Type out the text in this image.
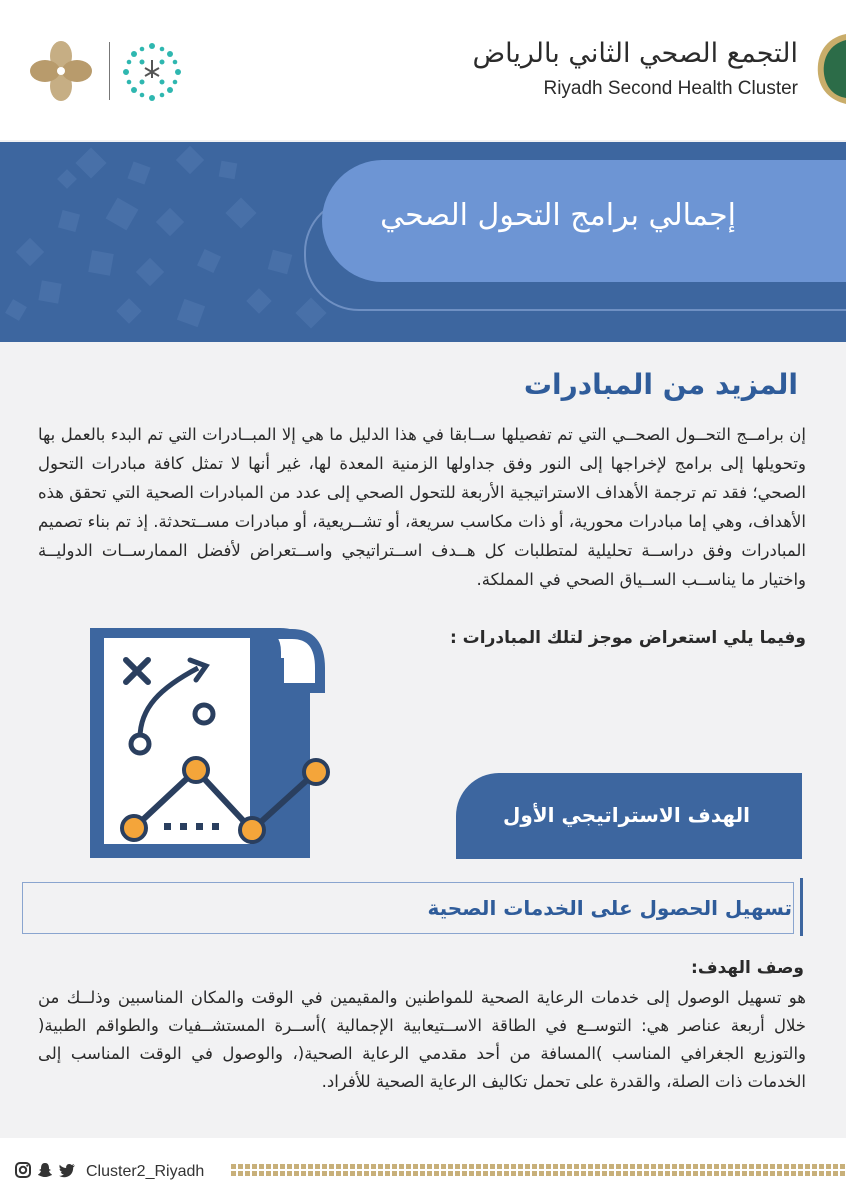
التجمع الصحي الثاني بالرياض
Riyadh Second Health Cluster
إجمالي برامج التحول الصحي
المزيد من المبادرات
إن برامــج التحــول الصحــي التي تم تفصيلها ســابقا في هذا الدليل ما هي إلا المبــادرات التي تم البدء بالعمل بها وتحويلها إلى برامج لإخراجها إلى النور وفق جداولها الزمنية المعدة لها، غير أنها لا تمثل كافة مبادرات التحول الصحي؛ فقد تم ترجمة الأهداف الاستراتيجية الأربعة للتحول الصحي إلى عدد من المبادرات الصحية التي تحقق هذه الأهداف، وهي إما مبادرات محورية، أو ذات مكاسب سريعة، أو تشــريعية، أو مبادرات مســتحدثة. إذ تم بناء تصميم المبادرات وفق دراســة تحليلية لمتطلبات كل هــدف اســتراتيجي واســتعراض لأفضل الممارســات الدوليــة واختيار ما يناســب الســياق الصحي في المملكة.
وفيما يلي استعراض موجز لتلك المبادرات :
الهدف الاستراتيجي الأول
تسهيل الحصول على الخدمات الصحية
وصف الهدف:
هو تسهيل الوصول إلى خدمات الرعاية الصحية للمواطنين والمقيمين في الوقت والمكان المناسبين وذلــك من خلال أربعة عناصر هي: التوســع في الطاقة الاســتيعابية الإجمالية )أســرة المستشــفيات والطواقم الطبية( والتوزيع الجغرافي المناسب )المسافة من أحد مقدمي الرعاية الصحية(، والوصول في الوقت المناسب إلى الخدمات ذات الصلة، والقدرة على تحمل تكاليف الرعاية الصحية للأفراد.
Cluster2_Riyadh
